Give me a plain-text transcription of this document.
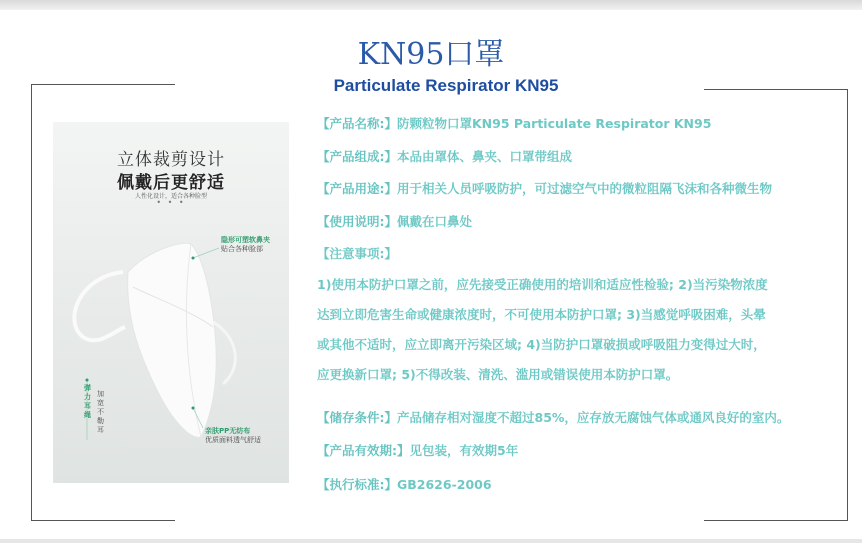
KN95口罩
Particulate Respirator KN95
立体裁剪设计
佩戴后更舒适
人性化设计，适合各种脸型
• • •
隐形可塑软鼻夹
贴合各种脸部
亲肤PP无纺布
优质面料透气舒适
弹力耳绳
加宽不勒耳
【产品名称:】防颗粒物口罩KN95 Particulate Respirator KN95
【产品组成:】本品由罩体、鼻夹、口罩带组成
【产品用途:】用于相关人员呼吸防护，可过滤空气中的微粒阻隔飞沫和各种微生物
【使用说明:】佩戴在口鼻处
【注意事项:】
1)使用本防护口罩之前，应先接受正确使用的培训和适应性检验; 2)当污染物浓度
达到立即危害生命或健康浓度时，不可使用本防护口罩; 3)当感觉呼吸困难，头晕
或其他不适时，应立即离开污染区域; 4)当防护口罩破损或呼吸阻力变得过大时，
应更换新口罩; 5)不得改装、清洗、滥用或错误使用本防护口罩。
【储存条件:】产品储存相对湿度不超过85%，应存放无腐蚀气体或通风良好的室内。
【产品有效期:】见包装，有效期5年
【执行标准:】GB2626-2006
